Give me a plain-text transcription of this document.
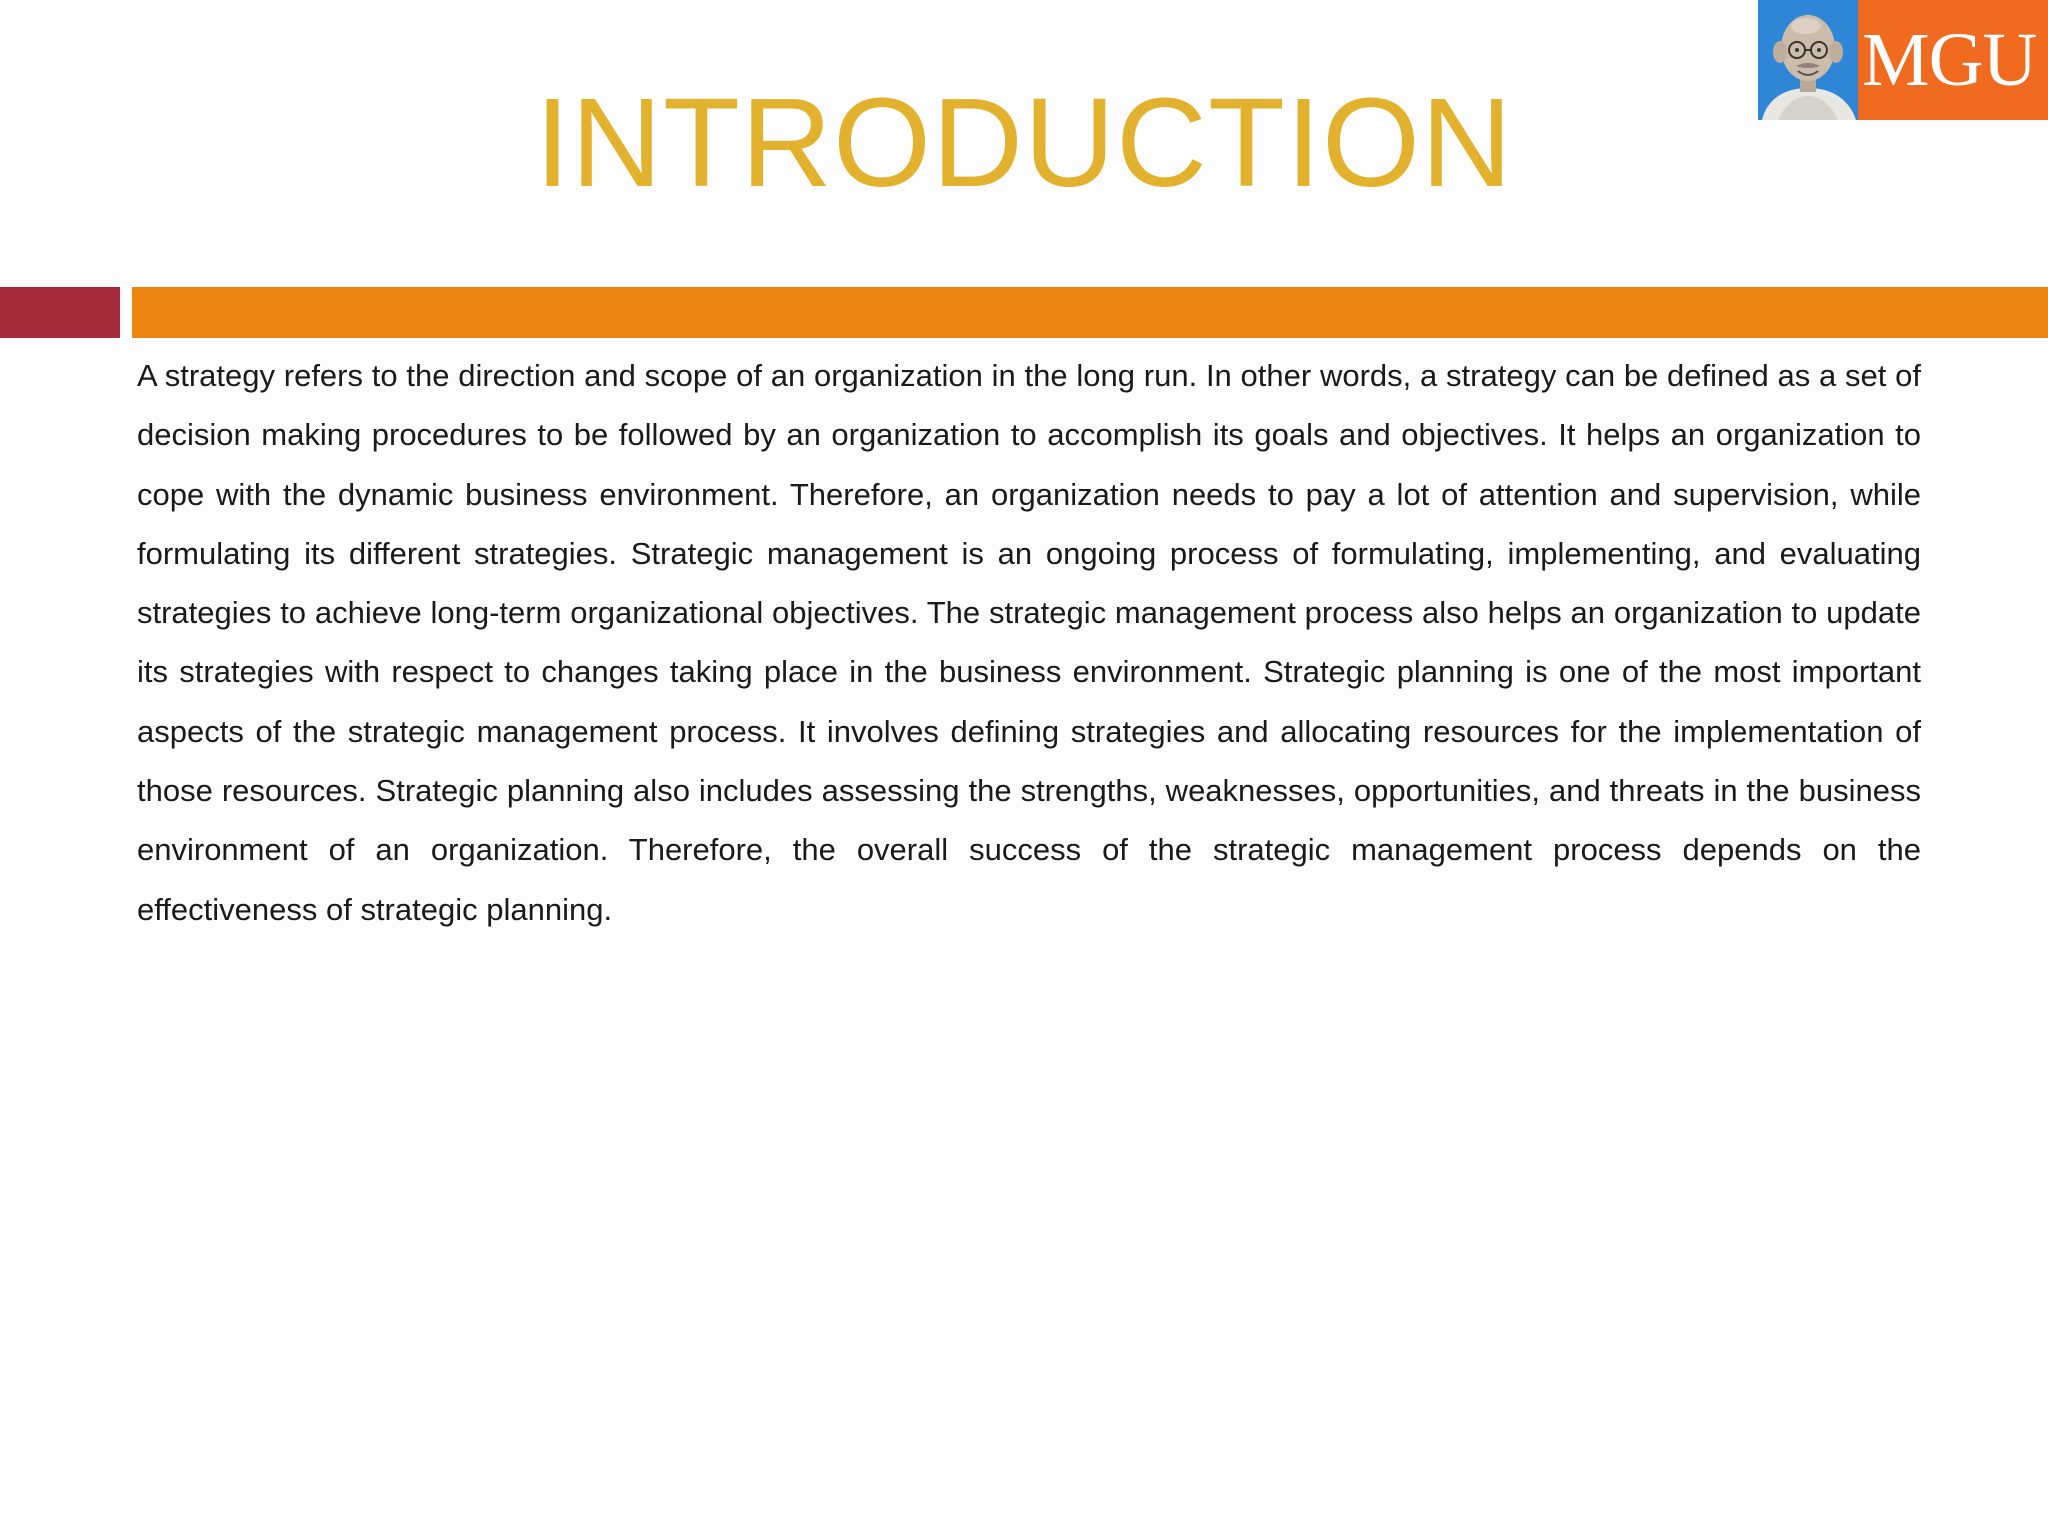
INTRODUCTION
MGU

A strategy refers to the direction and scope of an organization in the long run. In other words, a strategy can be defined as a set of decision making procedures to be followed by an organization to accomplish its goals and objectives. It helps an organization to cope with the dynamic business environment. Therefore, an organization needs to pay a lot of attention and supervision, while formulating its different strategies. Strategic management is an ongoing process of formulating, implementing, and evaluating strategies to achieve long-term organizational objectives. The strategic management process also helps an organization to update its strategies with respect to changes taking place in the business environment. Strategic planning is one of the most important aspects of the strategic management process. It involves defining strategies and allocating resources for the implementation of those resources. Strategic planning also includes assessing the strengths, weaknesses, opportunities, and threats in the business environment of an organization. Therefore, the overall success of the strategic management process depends on the effectiveness of strategic planning.
